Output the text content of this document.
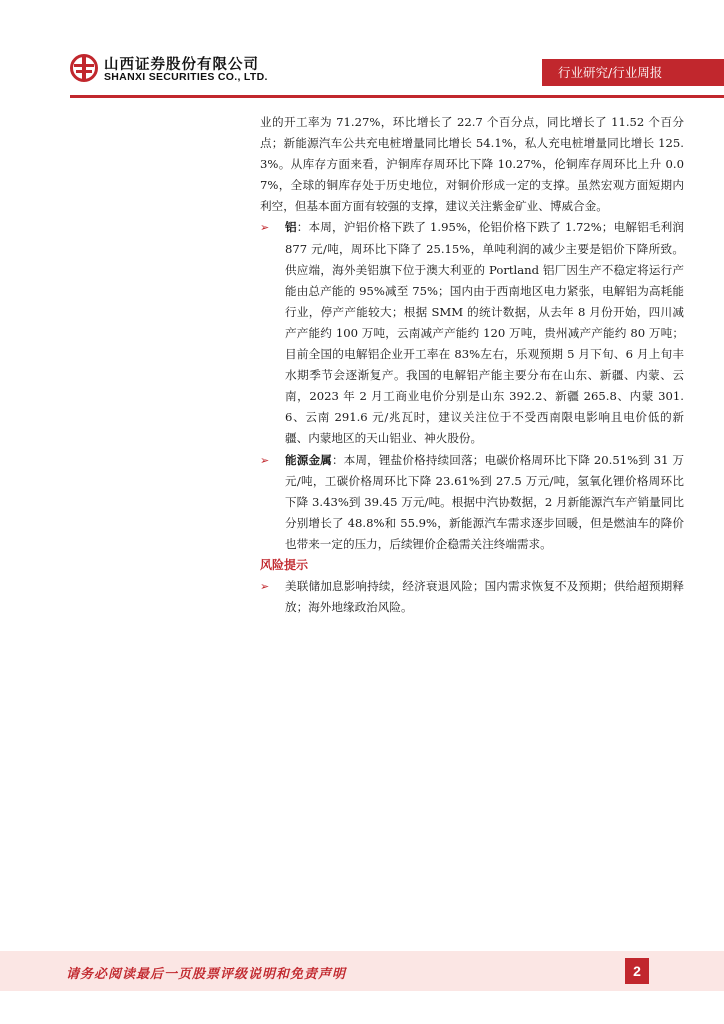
山西证券股份有限公司
SHANXI SECURITIES CO., LTD.	行业研究/行业周报

业的开工率为 71.27%，环比增长了 22.7 个百分点，同比增长了 11.52 个百分点；新能源汽车公共充电桩增量同比增长 54.1%，私人充电桩增量同比增长 125.3%。从库存方面来看，沪铜库存周环比下降 10.27%，伦铜库存周环比上升 0.07%，全球的铜库存处于历史地位，对铜价形成一定的支撑。虽然宏观方面短期内利空，但基本面方面有较强的支撑，建议关注紫金矿业、博威合金。

➢	铝：本周，沪铝价格下跌了 1.95%，伦铝价格下跌了 1.72%；电解铝毛利润 877 元/吨，周环比下降了 25.15%，单吨利润的减少主要是铝价下降所致。供应端，海外美铝旗下位于澳大利亚的 Portland 铝厂因生产不稳定将运行产能由总产能的 95%减至 75%；国内由于西南地区电力紧张，电解铝为高耗能行业，停产产能较大；根据 SMM 的统计数据，从去年 8 月份开始，四川减产产能约 100 万吨，云南减产产能约 120 万吨，贵州减产产能约 80 万吨；目前全国的电解铝企业开工率在 83%左右，乐观预期 5 月下旬、6 月上旬丰水期季节会逐渐复产。我国的电解铝产能主要分布在山东、新疆、内蒙、云南，2023 年 2 月工商业电价分别是山东 392.2、新疆 265.8、内蒙 301.6、云南 291.6 元/兆瓦时，建议关注位于不受西南限电影响且电价低的新疆、内蒙地区的天山铝业、神火股份。
➢	能源金属：本周，锂盐价格持续回落；电碳价格周环比下降 20.51%到 31 万元/吨，工碳价格周环比下降 23.61%到 27.5 万元/吨，氢氧化锂价格周环比下降 3.43%到 39.45 万元/吨。根据中汽协数据，2 月新能源汽车产销量同比分别增长了 48.8%和 55.9%，新能源汽车需求逐步回暖，但是燃油车的降价也带来一定的压力，后续锂价企稳需关注终端需求。

风险提示

➢	美联储加息影响持续，经济衰退风险；国内需求恢复不及预期；供给超预期释放；海外地缘政治风险。
请务必阅读最后一页股票评级说明和免责声明	2
